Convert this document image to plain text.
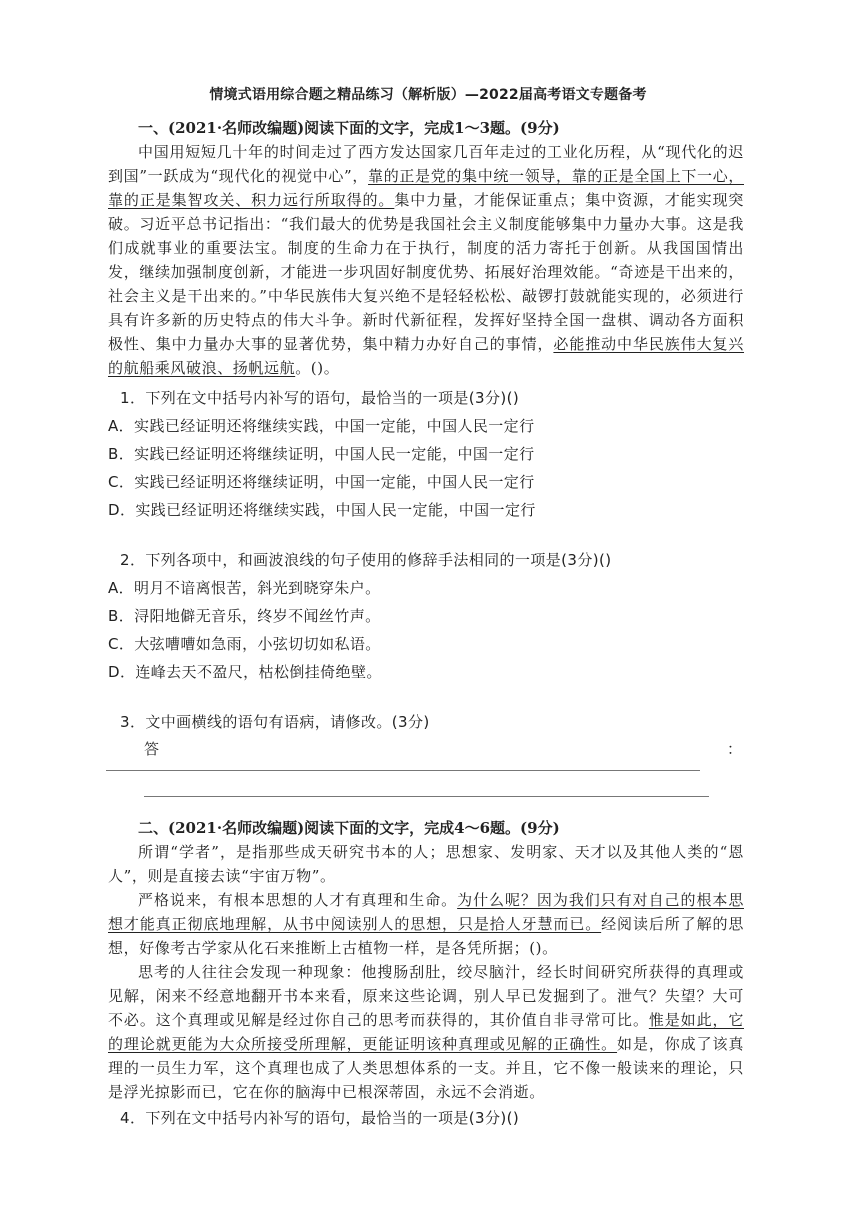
情境式语用综合题之精品练习（解析版）—2022届高考语文专题备考

一、(2021·名师改编题)阅读下面的文字，完成1～3题。(9分)

中国用短短几十年的时间走过了西方发达国家几百年走过的工业化历程，从“现代化的迟到国”一跃成为“现代化的视觉中心”，靠的正是党的集中统一领导，靠的正是全国上下一心，靠的正是集智攻关、积力远行所取得的。集中力量，才能保证重点；集中资源，才能实现突破。习近平总书记指出：“我们最大的优势是我国社会主义制度能够集中力量办大事。这是我们成就事业的重要法宝。制度的生命力在于执行，制度的活力寄托于创新。从我国国情出发，继续加强制度创新，才能进一步巩固好制度优势、拓展好治理效能。“奇迹是干出来的，社会主义是干出来的。”中华民族伟大复兴绝不是轻轻松松、敲锣打鼓就能实现的，必须进行具有许多新的历史特点的伟大斗争。新时代新征程，发挥好坚持全国一盘棋、调动各方面积极性、集中力量办大事的显著优势，集中精力办好自己的事情，必能推动中华民族伟大复兴的航船乘风破浪、扬帆远航。()。

1．下列在文中括号内补写的语句，最恰当的一项是(3分)()

A．实践已经证明还将继续实践，中国一定能，中国人民一定行

B．实践已经证明还将继续证明，中国人民一定能，中国一定行

C．实践已经证明还将继续证明，中国一定能，中国人民一定行

D．实践已经证明还将继续实践，中国人民一定能，中国一定行

2．下列各项中，和画波浪线的句子使用的修辞手法相同的一项是(3分)()

A．明月不谙离恨苦，斜光到晓穿朱户。

B．浔阳地僻无音乐，终岁不闻丝竹声。

C．大弦嘈嘈如急雨，小弦切切如私语。

D．连峰去天不盈尺，枯松倒挂倚绝壁。

3．文中画横线的语句有语病，请修改。(3分)

答	：

二、(2021·名师改编题)阅读下面的文字，完成4～6题。(9分)

所谓“学者”，是指那些成天研究书本的人；思想家、发明家、天才以及其他人类的“恩人”，则是直接去读“宇宙万物”。

严格说来，有根本思想的人才有真理和生命。为什么呢？因为我们只有对自己的根本思想才能真正彻底地理解，从书中阅读别人的思想，只是拾人牙慧而已。经阅读后所了解的思想，好像考古学家从化石来推断上古植物一样，是各凭所据；()。

思考的人往往会发现一种现象：他搜肠刮肚，绞尽脑汁，经长时间研究所获得的真理或见解，闲来不经意地翻开书本来看，原来这些论调，别人早已发掘到了。泄气？失望？大可不必。这个真理或见解是经过你自己的思考而获得的，其价值自非寻常可比。惟是如此，它的理论就更能为大众所接受所理解，更能证明该种真理或见解的正确性。如是，你成了该真理的一员生力军，这个真理也成了人类思想体系的一支。并且，它不像一般读来的理论，只是浮光掠影而已，它在你的脑海中已根深蒂固，永远不会消逝。

4．下列在文中括号内补写的语句，最恰当的一项是(3分)()
